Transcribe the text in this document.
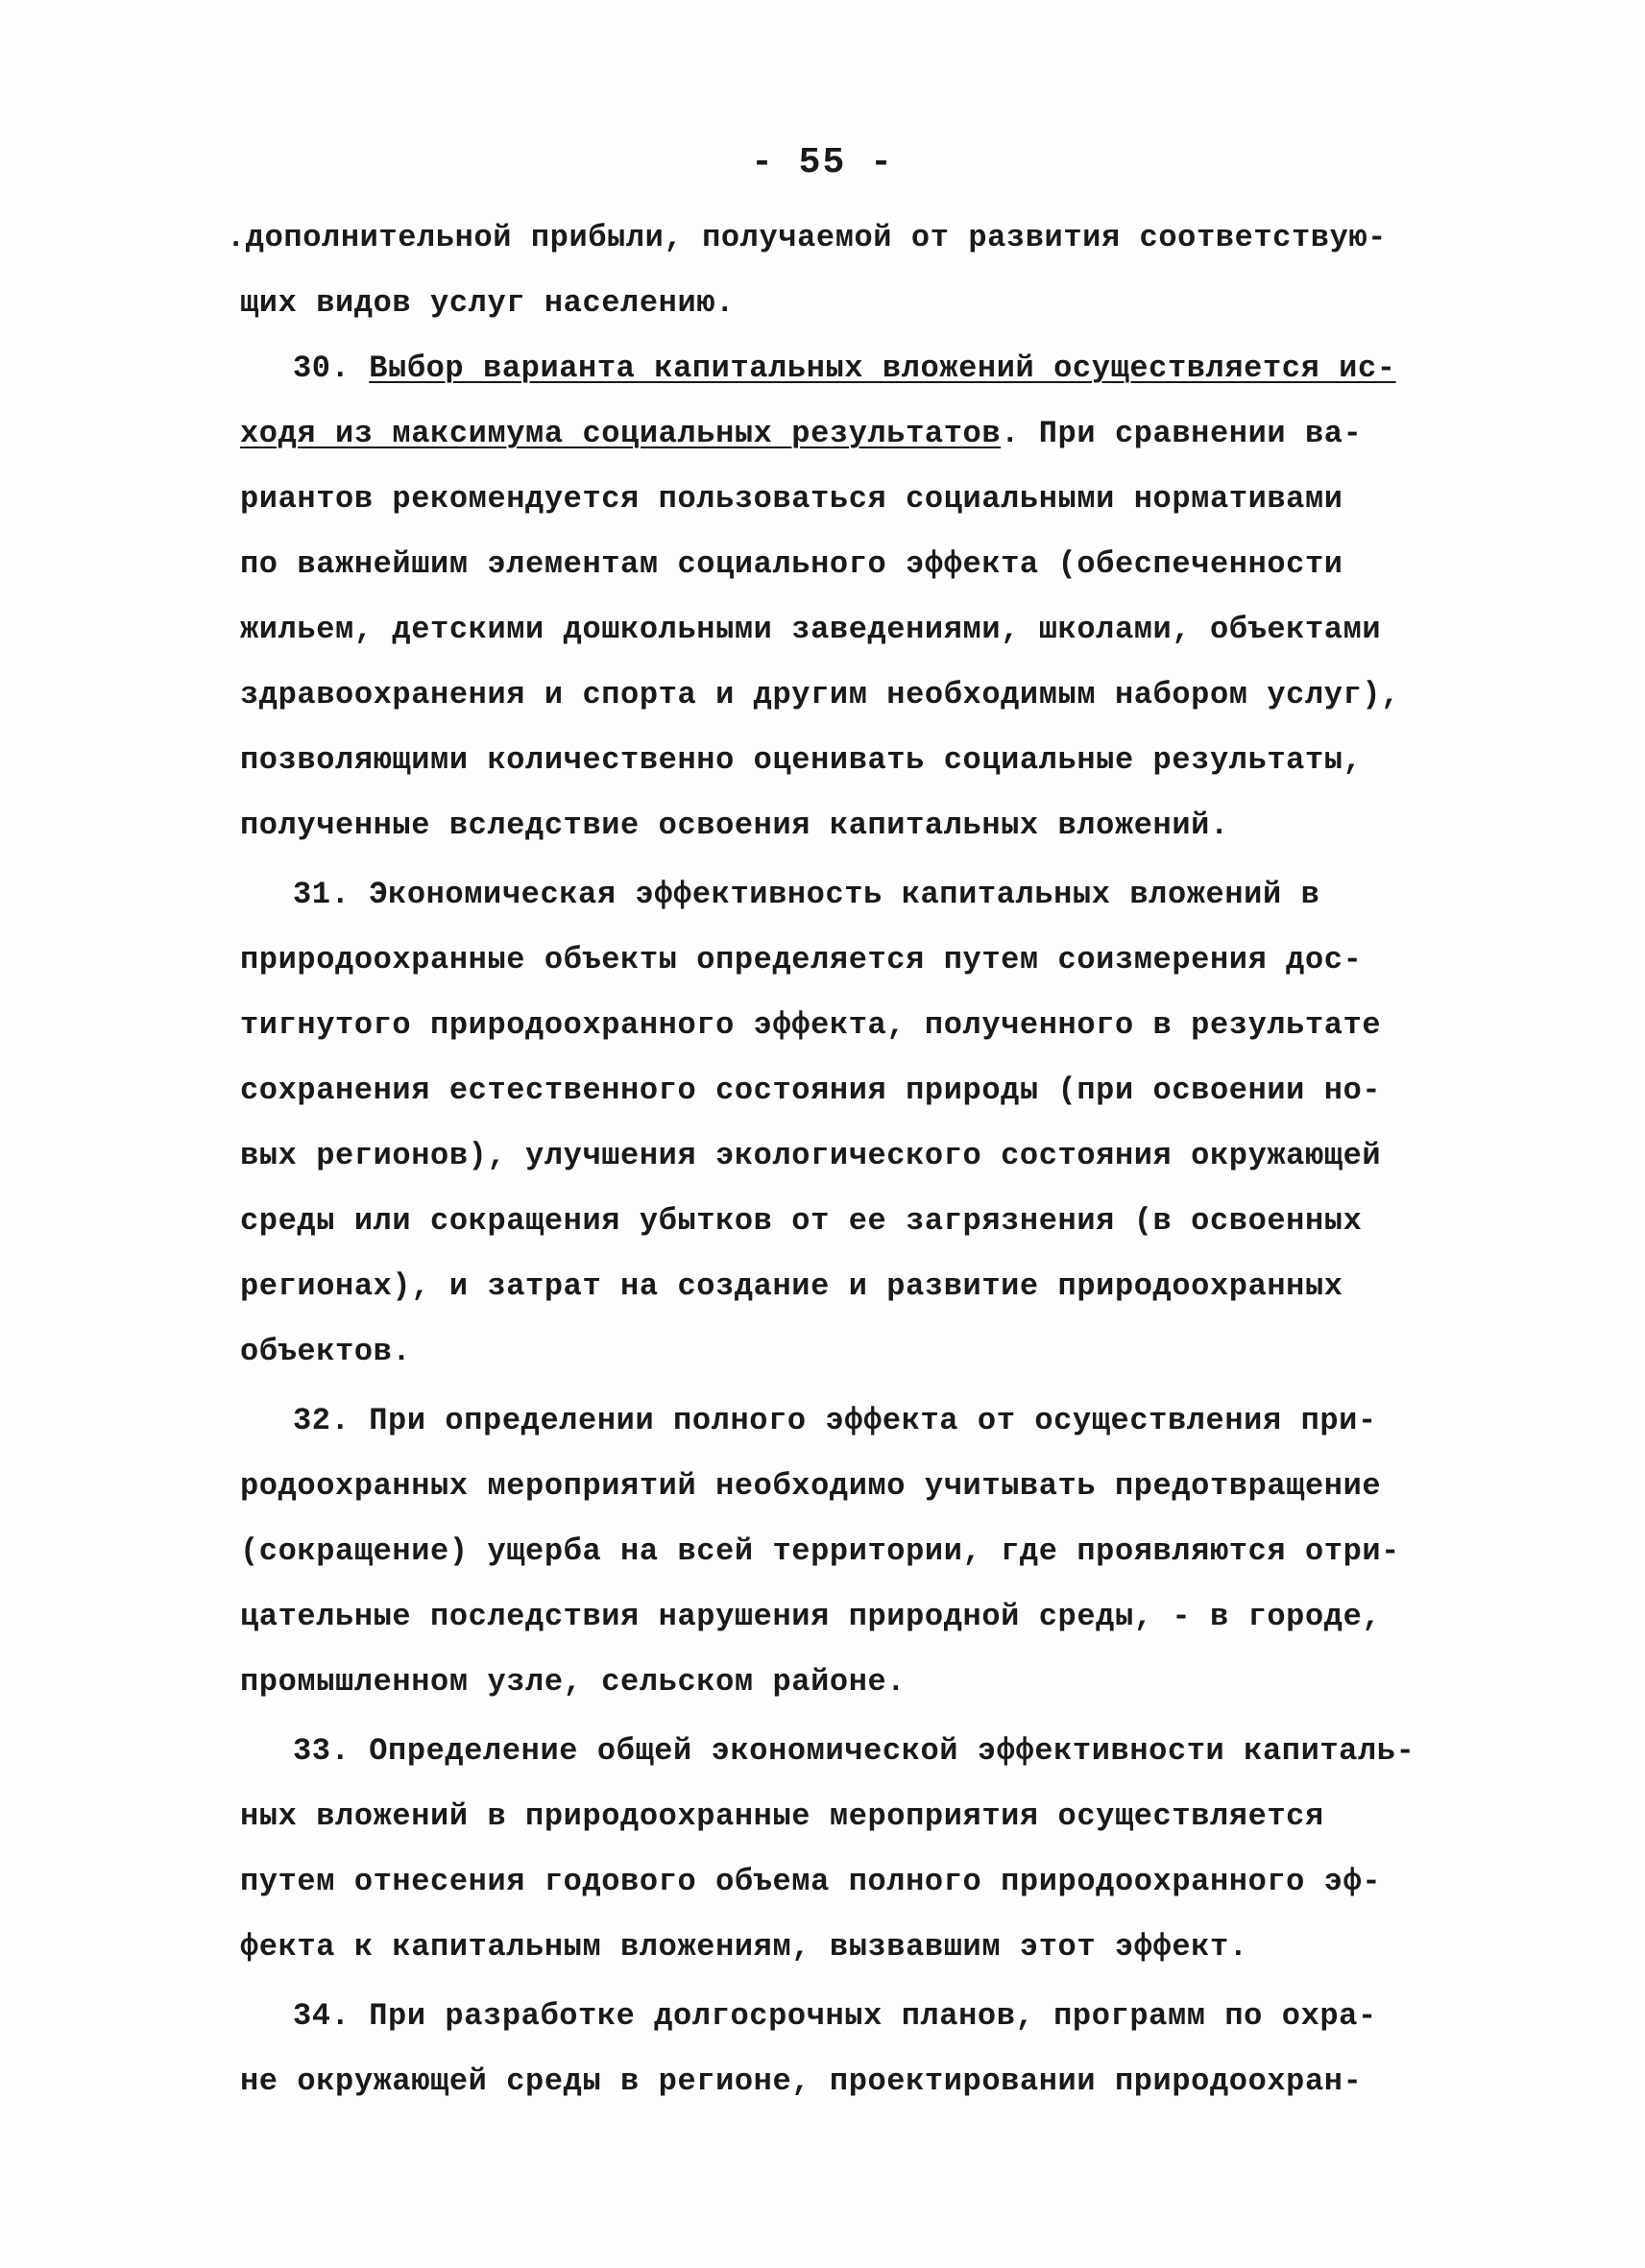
- 55 -
.дополнительной прибыли, получаемой от развития соответствую-
щих видов услуг населению.
30. Выбор варианта капитальных вложений осуществляется ис-
ходя из максимума социальных результатов. При сравнении ва-
риантов рекомендуется пользоваться социальными нормативами
по важнейшим элементам социального эффекта (обеспеченности
жильем, детскими дошкольными заведениями, школами, объектами
здравоохранения и спорта и другим необходимым набором услуг),
позволяющими количественно оценивать социальные результаты,
полученные вследствие освоения капитальных вложений.
31. Экономическая эффективность капитальных вложений в
природоохранные объекты определяется путем соизмерения дос-
тигнутого природоохранного эффекта, полученного в результате
сохранения естественного состояния природы (при освоении но-
вых регионов), улучшения экологического состояния окружающей
среды или сокращения убытков от ее загрязнения (в освоенных
регионах), и затрат на создание и развитие природоохранных
объектов.
32. При определении полного эффекта от осуществления при-
родоохранных мероприятий необходимо учитывать предотвращение
(сокращение) ущерба на всей территории, где проявляются отри-
цательные последствия нарушения природной среды, - в городе,
промышленном узле, сельском районе.
33. Определение общей экономической эффективности капиталь-
ных вложений в природоохранные мероприятия осуществляется
путем отнесения годового объема полного природоохранного эф-
фекта к капитальным вложениям, вызвавшим этот эффект.
34. При разработке долгосрочных планов, программ по охра-
не окружающей среды в регионе, проектировании природоохран-
